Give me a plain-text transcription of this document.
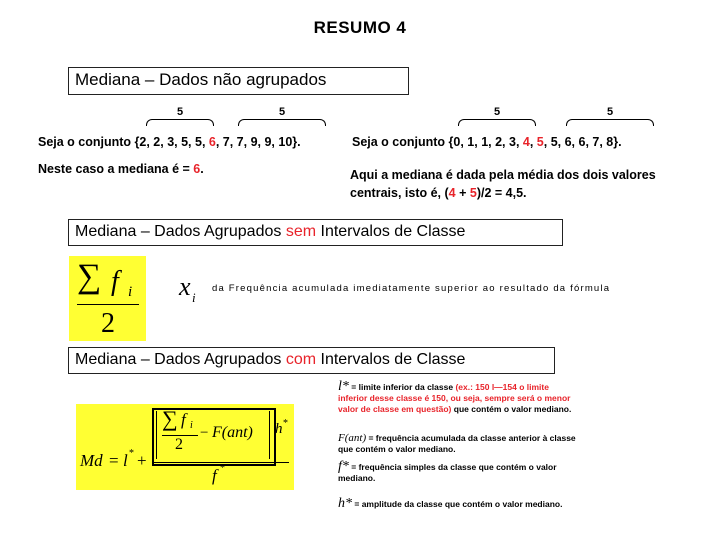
RESUMO 4
Mediana – Dados não agrupados
5	5
Seja o conjunto {2, 2, 3, 5, 5, 6, 7, 7, 9, 9, 10}.
Neste caso a mediana é = 6.
5	5
Seja o conjunto {0, 1, 1, 2, 3, 4, 5, 5, 6, 6, 7, 8}.
Aqui a mediana é dada pela média dos dois valores
centrais, isto é, (4 + 5)/2 = 4,5.
Mediana – Dados Agrupados sem Intervalos de Classe
∑ f i
2
x i
da Frequência acumulada imediatamente superior ao resultado da fórmula
Mediana – Dados Agrupados com Intervalos de Classe
Md = l * +
∑ f i
2
− F(ant) h *
f *
l* = limite inferior da classe (ex.: 150 l—154 o limite
inferior desse classe é 150, ou seja, sempre será o menor
valor de classe em questão) que contém o valor mediano.
F(ant) = frequência acumulada da classe anterior à classe
que contém o valor mediano.
f* = frequência simples da classe que contém o valor
mediano.
h* = amplitude da classe que contém o valor mediano.
